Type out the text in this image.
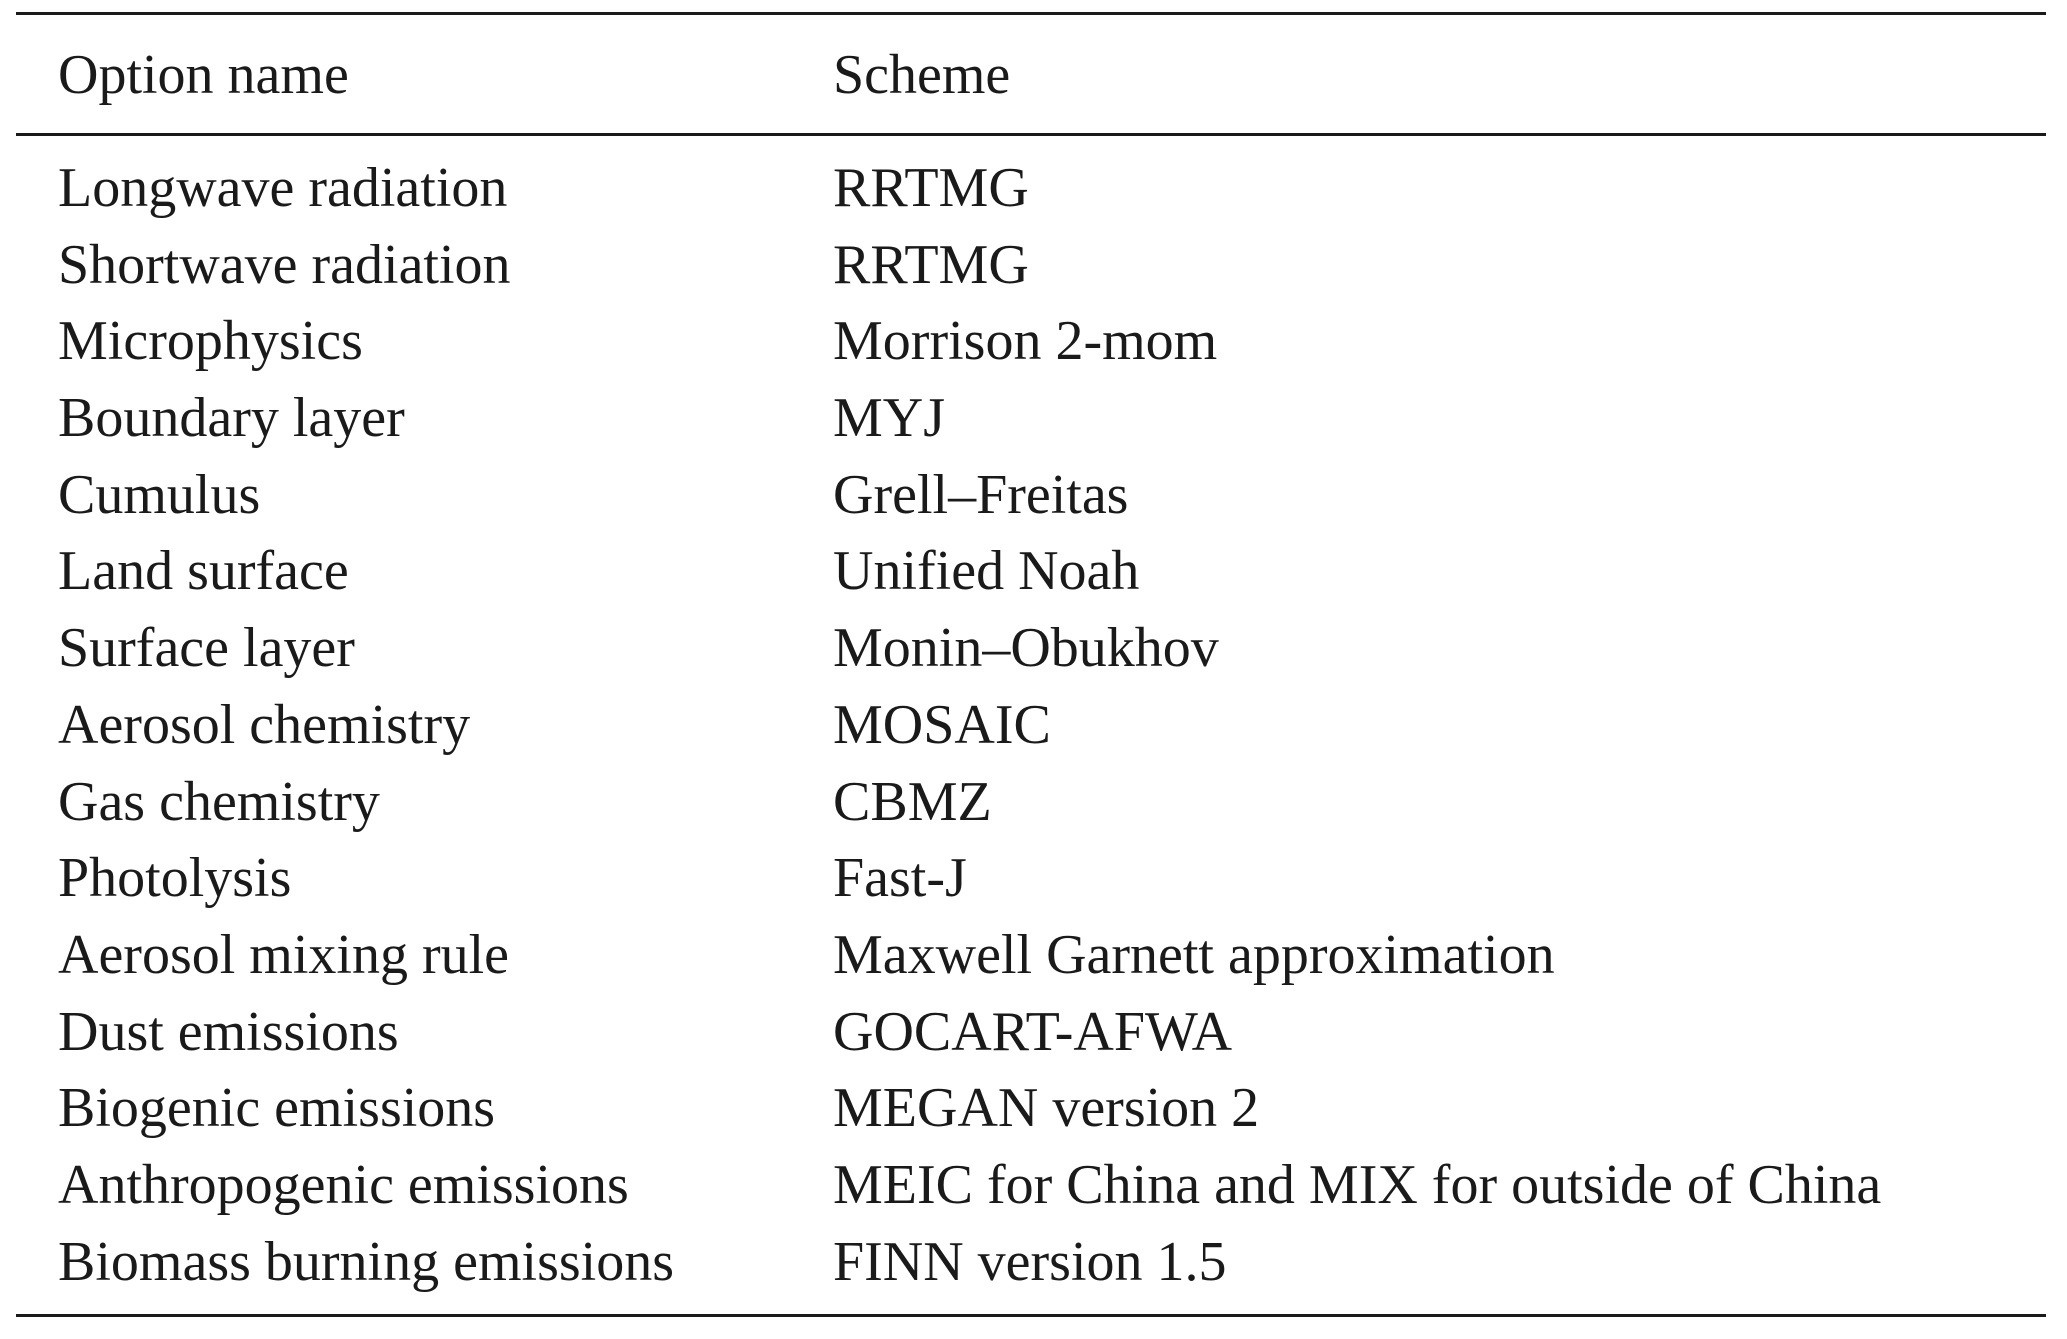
Option name	Scheme
Longwave radiation	RRTMG
Shortwave radiation	RRTMG
Microphysics	Morrison 2-mom
Boundary layer	MYJ
Cumulus	Grell–Freitas
Land surface	Unified Noah
Surface layer	Monin–Obukhov
Aerosol chemistry	MOSAIC
Gas chemistry	CBMZ
Photolysis	Fast-J
Aerosol mixing rule	Maxwell Garnett approximation
Dust emissions	GOCART-AFWA
Biogenic emissions	MEGAN version 2
Anthropogenic emissions	MEIC for China and MIX for outside of China
Biomass burning emissions	FINN version 1.5
